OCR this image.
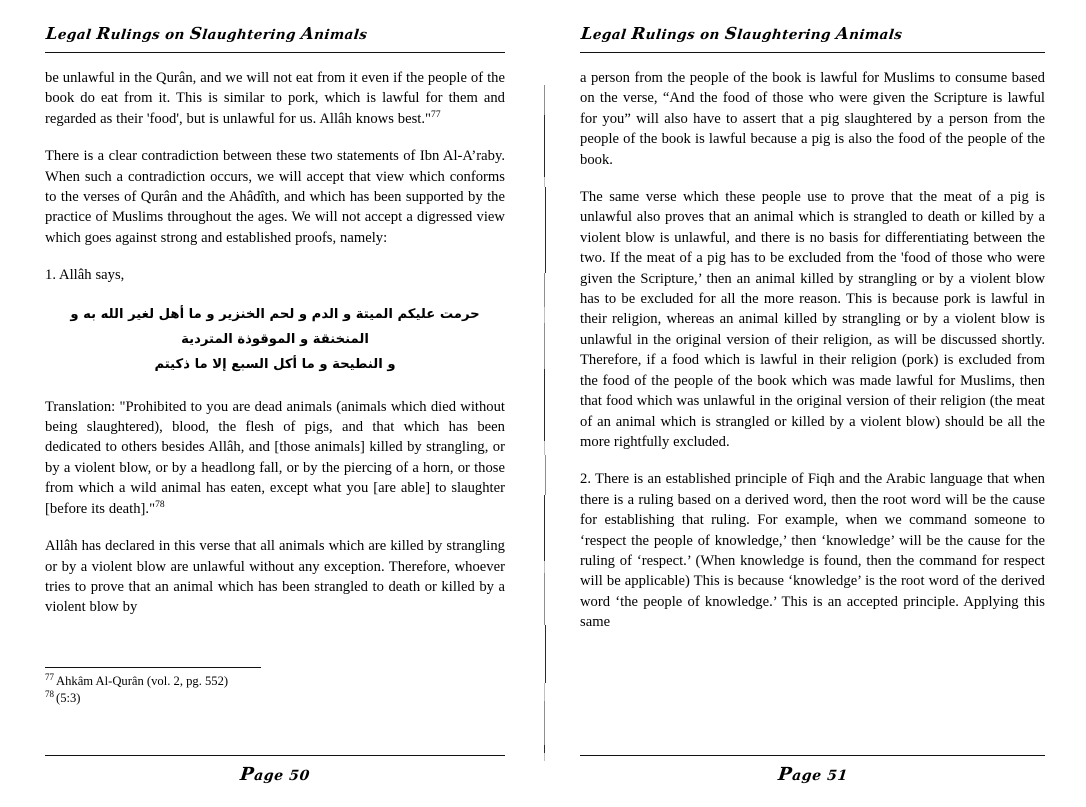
Legal Rulings on Slaughtering Animals

be unlawful in the Qurân, and we will not eat from it even if the people of the book do eat from it. This is similar to pork, which is lawful for them and regarded as their 'food', but is unlawful for us. Allâh knows best."$^{77}$

There is a clear contradiction between these two statements of Ibn Al-A’raby. When such a contradiction occurs, we will accept that view which conforms to the verses of Qurân and the Ahâdîth, and which has been supported by the practice of Muslims throughout the ages. We will not accept a digressed view which goes against strong and established proofs, namely:

1. Allâh says,

حرمت عليكم الميتة و الدم و لحم الخنزير و ما أهل لغير الله به و المنخنقة و الموقوذة المتردية
و النطيحة و ما أكل السبع إلا ما ذكيتم

Translation: "Prohibited to you are dead animals (animals which died without being slaughtered), blood, the flesh of pigs, and that which has been dedicated to others besides Allâh, and [those animals] killed by strangling, or by a violent blow, or by a headlong fall, or by the piercing of a horn, or those from which a wild animal has eaten, except what you [are able] to slaughter [before its death]."$^{78}$

Allâh has declared in this verse that all animals which are killed by strangling or by a violent blow are unlawful without any exception. Therefore, whoever tries to prove that an animal which has been strangled to death or killed by a violent blow by

$^{77}$ Ahkâm Al-Qurân (vol. 2, pg. 552)

$^{78}$ (5:3)

Page 50
Legal Rulings on Slaughtering Animals

a person from the people of the book is lawful for Muslims to consume based on the verse, “And the food of those who were given the Scripture is lawful for you” will also have to assert that a pig slaughtered by a person from the people of the book is lawful because a pig is also the food of the people of the book.

The same verse which these people use to prove that the meat of a pig is unlawful also proves that an animal which is strangled to death or killed by a violent blow is unlawful, and there is no basis for differentiating between the two. If the meat of a pig has to be excluded from the 'food of those who were given the Scripture,’ then an animal killed by strangling or by a violent blow has to be excluded for all the more reason. This is because pork is lawful in their religion, whereas an animal killed by strangling or by a violent blow is unlawful in the original version of their religion, as will be discussed shortly. Therefore, if a food which is lawful in their religion (pork) is excluded from the food of the people of the book which was made lawful for Muslims, then that food which was unlawful in the original version of their religion (the meat of an animal which is strangled or killed by a violent blow) should be all the more rightfully excluded.

2. There is an established principle of Fiqh and the Arabic language that when there is a ruling based on a derived word, then the root word will be the cause for establishing that ruling. For example, when we command someone to ‘respect the people of knowledge,’ then ‘knowledge’ will be the cause for the ruling of ‘respect.’ (When knowledge is found, then the command for respect will be applicable) This is because ‘knowledge’ is the root word of the derived word ‘the people of knowledge.’ This is an accepted principle. Applying this same

Page 51
